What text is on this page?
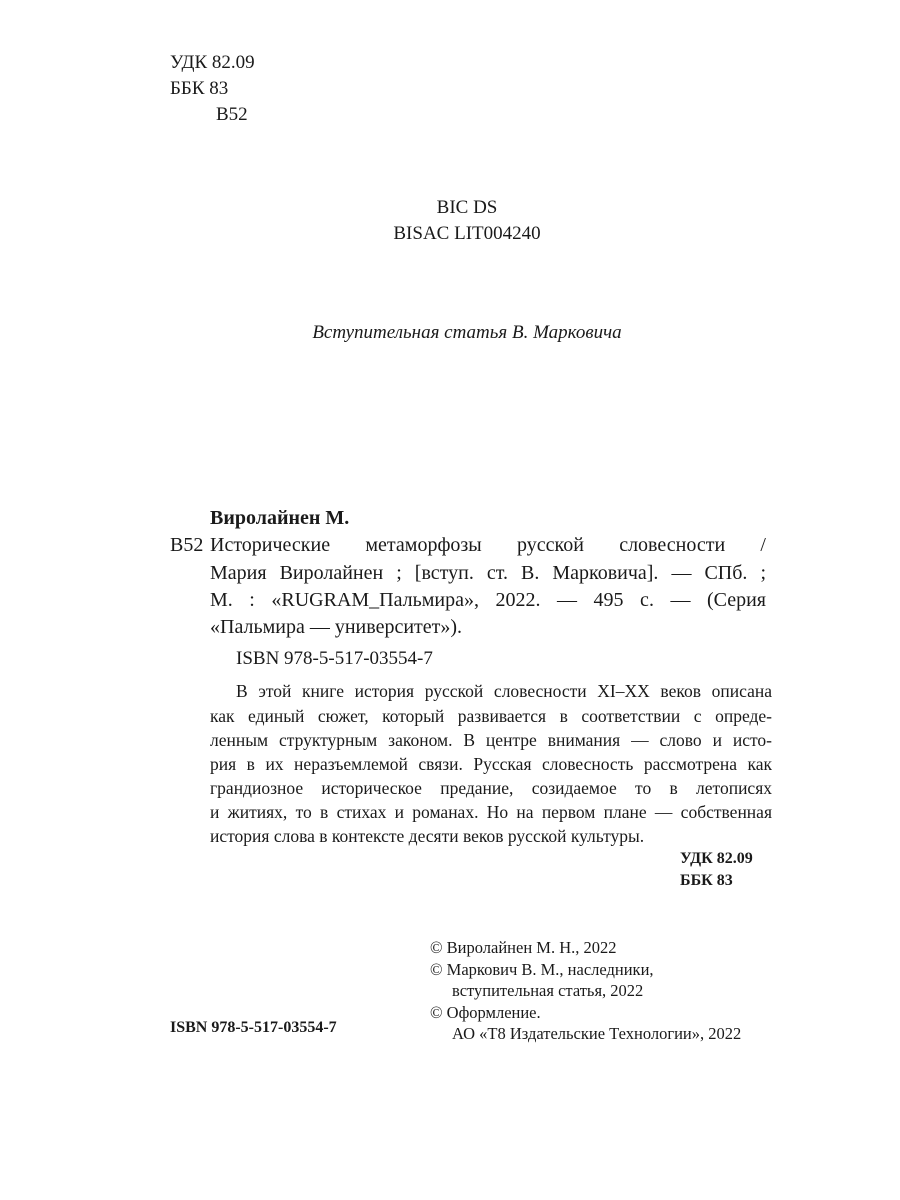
УДК 82.09
ББК 83
В52
BIC DS
BISAC LIT004240
Вступительная статья В. Марковича
Виролайнен М.
В52 Исторические метаморфозы русской словесности /
Мария Виролайнен ; [вступ. ст. В. Марковича]. — СПб. ;
М. : «RUGRAM_Пальмира», 2022. — 495 с. — (Серия
«Пальмира — университет»).
ISBN 978-5-517-03554-7
В этой книге история русской словесности XI–XX веков описана
как единый сюжет, который развивается в соответствии с опреде-
ленным структурным законом. В центре внимания — слово и исто-
рия в их неразъемлемой связи. Русская словесность рассмотрена как
грандиозное историческое предание, созидаемое то в летописях
и житиях, то в стихах и романах. Но на первом плане — собственная
история слова в контексте десяти веков русской культуры.
УДК 82.09
ББК 83
© Виролайнен М. Н., 2022
© Маркович В. М., наследники,
вступительная статья, 2022
© Оформление.
АО «Т8 Издательские Технологии», 2022
ISBN 978-5-517-03554-7
